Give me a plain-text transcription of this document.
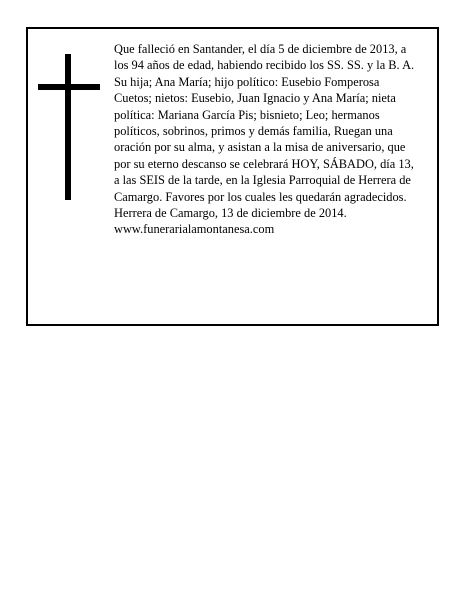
Que falleció en Santander, el día 5 de diciembre de 2013, a los 94 años de edad, habiendo recibido los SS. SS. y la B. A.

Su hija; Ana María; hijo político: Eusebio Fomperosa Cuetos; nietos: Eusebio, Juan Ignacio y Ana María; nieta política: Mariana García Pis; bisnieto; Leo; hermanos políticos, sobrinos, primos y demás familia, Ruegan una oración por su alma, y asistan a la misa de aniversario, que por su eterno descanso se celebrará HOY, SÁBADO, día 13, a las SEIS de la tarde, en la Iglesia Parroquial de Herrera de Camargo. Favores por los cuales les quedarán agradecidos.

Herrera de Camargo, 13 de diciembre de 2014.

www.funerarialamontanesa.com
